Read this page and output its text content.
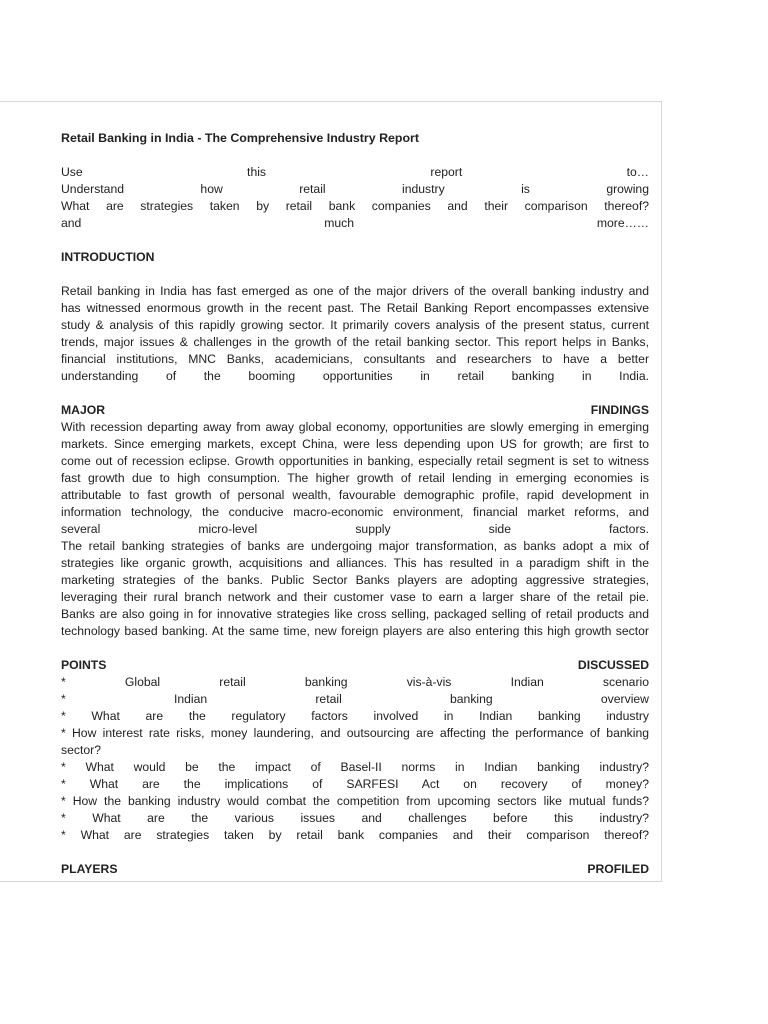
Retail Banking in India - The Comprehensive Industry Report

Use this report to…
Understand how retail industry is growing
What are strategies taken by retail bank companies and their comparison thereof?
and much more……

INTRODUCTION

Retail banking in India has fast emerged as one of the major drivers of the overall banking industry and
has witnessed enormous growth in the recent past. The Retail Banking Report encompasses extensive
study & analysis of this rapidly growing sector. It primarily covers analysis of the present status, current
trends, major issues & challenges in the growth of the retail banking sector. This report helps in Banks,
financial institutions, MNC Banks, academicians, consultants and researchers to have a better
understanding of the booming opportunities in retail banking in India.
MAJOR	FINDINGS
With recession departing away from away global economy, opportunities are slowly emerging in emerging
markets. Since emerging markets, except China, were less depending upon US for growth; are first to
come out of recession eclipse. Growth opportunities in banking, especially retail segment is set to witness
fast growth due to high consumption. The higher growth of retail lending in emerging economies is
attributable to fast growth of personal wealth, favourable demographic profile, rapid development in
information technology, the conducive macro-economic environment, financial market reforms, and
several micro-level supply side factors.
The retail banking strategies of banks are undergoing major transformation, as banks adopt a mix of
strategies like organic growth, acquisitions and alliances. This has resulted in a paradigm shift in the
marketing strategies of the banks. Public Sector Banks players are adopting aggressive strategies,
leveraging their rural branch network and their customer vase to earn a larger share of the retail pie.
Banks are also going in for innovative strategies like cross selling, packaged selling of retail products and
technology based banking. At the same time, new foreign players are also entering this high growth sector
POINTS	DISCUSSED
* Global retail banking vis-à-vis Indian scenario
* Indian retail banking overview
* What are the regulatory factors involved in Indian banking industry
* How interest rate risks, money laundering, and outsourcing are affecting the performance of banking
sector?
* What would be the impact of Basel-II norms in Indian banking industry?
* What are the implications of SARFESI Act on recovery of money?
* How the banking industry would combat the competition from upcoming sectors like mutual funds?
* What are the various issues and challenges before this industry?
* What are strategies taken by retail bank companies and their comparison thereof?
PLAYERS	PROFILED
